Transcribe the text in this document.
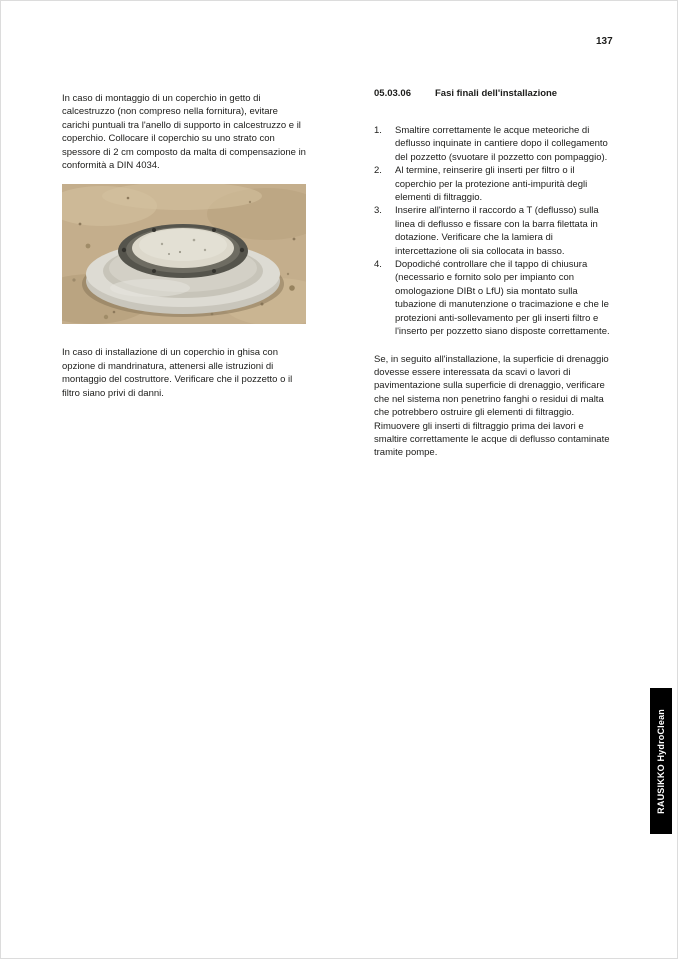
137
In caso di montaggio di un coperchio in getto di calcestruzzo (non compreso nella fornitura), evitare carichi puntuali tra l'anello di supporto in calcestruzzo e il coperchio. Collocare il coperchio su uno strato con spessore di 2 cm composto da malta di compensazione in conformità a DIN 4034.
In caso di installazione di un coperchio in ghisa con opzione di mandrinatura, attenersi alle istruzioni di montaggio del costruttore. Verificare che il pozzetto o il filtro siano privi di danni.
05.03.06	Fasi finali dell'installazione
1.	Smaltire correttamente le acque meteoriche di deflusso inquinate in cantiere dopo il collegamento del pozzetto (svuotare il pozzetto con pompaggio).
2.	Al termine, reinserire gli inserti per filtro o il coperchio per la protezione anti-impurità degli elementi di filtraggio.
3.	Inserire all'interno il raccordo a T (deflusso) sulla linea di deflusso e fissare con la barra filettata in dotazione. Verificare che la lamiera di intercettazione oli sia collocata in basso.
4.	Dopodiché controllare che il tappo di chiusura (necessario e fornito solo per impianto con omologazione DIBt o LfU) sia montato sulla tubazione di manutenzione o tracimazione e che le protezioni anti-sollevamento per gli inserti filtro e l'inserto per pozzetto siano disposte correttamente.
Se, in seguito all'installazione, la superficie di drenaggio dovesse essere interessata da scavi o lavori di pavimentazione sulla superficie di drenaggio, verificare che nel sistema non penetrino fanghi o residui di malta che potrebbero ostruire gli elementi di filtraggio. Rimuovere gli inserti di filtraggio prima dei lavori e smaltire correttamente le acque di deflusso contaminate tramite pompe.
RAUSIKKO HydroClean
